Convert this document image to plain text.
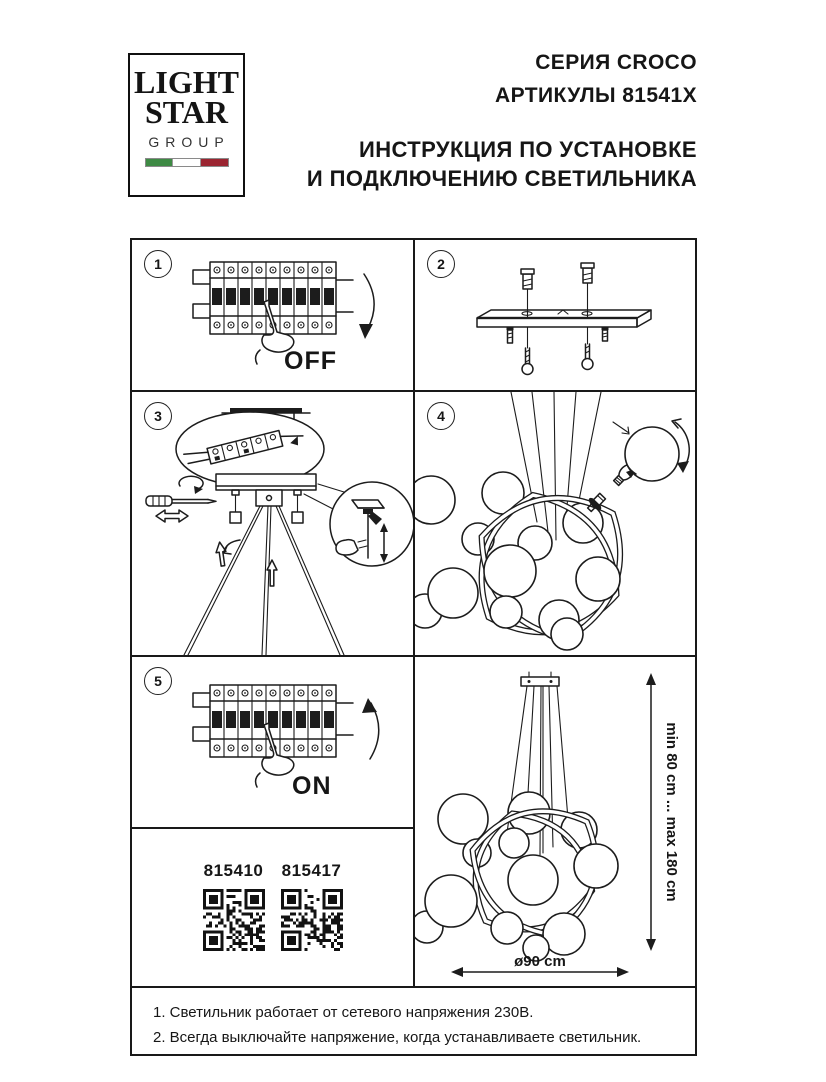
LIGHT
STAR
GROUP
СЕРИЯ CROCO
АРТИКУЛЫ 81541X
ИНСТРУКЦИЯ ПО УСТАНОВКЕ
И ПОДКЛЮЧЕНИЮ СВЕТИЛЬНИКА
1
OFF
2
3	4
5
ON
815410 815417	min 80 cm ... max 180 cm
ø90 cm
1. Светильник работает от сетевого напряжения 230В.
2. Всегда выключайте напряжение, когда устанавливаете светильник.
